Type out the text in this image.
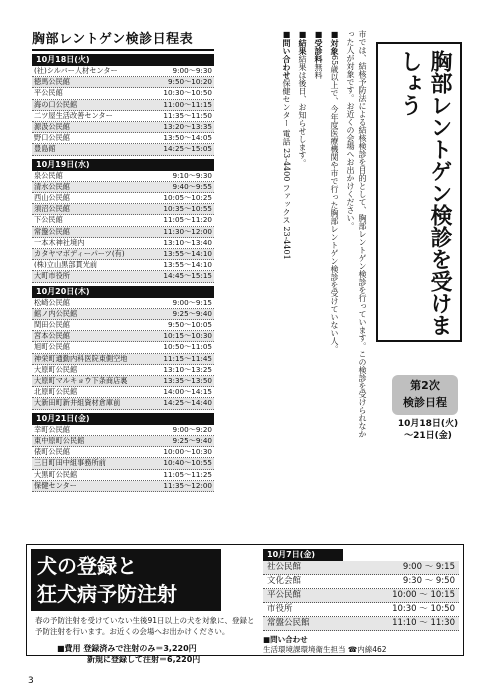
胸部レントゲン検診日程表
10月18日(火)
(社)シルバー人材センター	9:00～9:30
徳馬公民館	9:50～10:20
平公民館	10:30～10:50
海の口公民館	11:00～11:15
二ツ屋生活改善センター	11:35～11:50
源汲公民館	13:20～13:35
野口公民館	13:50～14:05
豊島館	14:25～15:05
10月19日(水)
泉公民館	9:10～9:30
清水公民館	9:40～9:55
西山公民館	10:05～10:25
須沼公民館	10:35～10:55
下公民館	11:05～11:20
常盤公民館	11:30～12:00
一本木神社境内	13:10～13:40
カタヤマボディーパーツ(有)	13:55～14:10
(株)立山黒部貫光前	13:55～14:10
大町市役所	14:45～15:15
10月20日(木)
松崎公民館	9:00～9:15
館ノ内公民館	9:25～9:40
閏田公民館	9:50～10:05
宮本公民館	10:15～10:30
旭町公民館	10:50～11:05
神栄町通勤内科医院東側空地	11:15～11:45
大原町公民館	13:10～13:25
大原町マルキョウ下条商店裏	13:35～13:50
北原町公民館	14:00～14:15
大新田町新井組資材倉庫前	14:25～14:40
10月21日(金)
幸町公民館	9:00～9:20
東中原町公民館	9:25～9:40
俵町公民館	10:00～10:30
三日町田中組事務所前	10:40～10:55
大黒町公民館	11:05～11:25
保健センター	11:35～12:00

市では、結核予防法による結核検診を目的として、胸部レントゲン検診を行っています。この検診を受けられなかった人が対象です。お近くの会場へお出かけください。

■対象65歳以上で、今年度医療機関や市で行った胸部レントゲン検診を受けていない人。

■受診料無料

■結果結果は後日、お知らせします。

■問い合わせ保健センター 電話 23-4400 ファックス 23-4401	胸部レントゲン検診を受けましょう
第2次
検診日程
10月18日(火)
～21日(金)
犬の登録と
狂犬病予防注射
春の予防注射を受けていない生後91日以上の犬を対象に、登録と予防注射を行います。お近くの会場へお出かけください。
■費用 登録済みで注射のみ＝3,220円
新規に登録して注射＝6,220円
10月7日(金)
社公民館	9:00 ～ 9:15
文化会館	9:30 ～ 9:50
平公民館	10:00 ～ 10:15
市役所	10:30 ～ 10:50
常盤公民館	11:10 ～ 11:30
■問い合わせ
生活環境課環境衛生担当 ☎内線462
3
